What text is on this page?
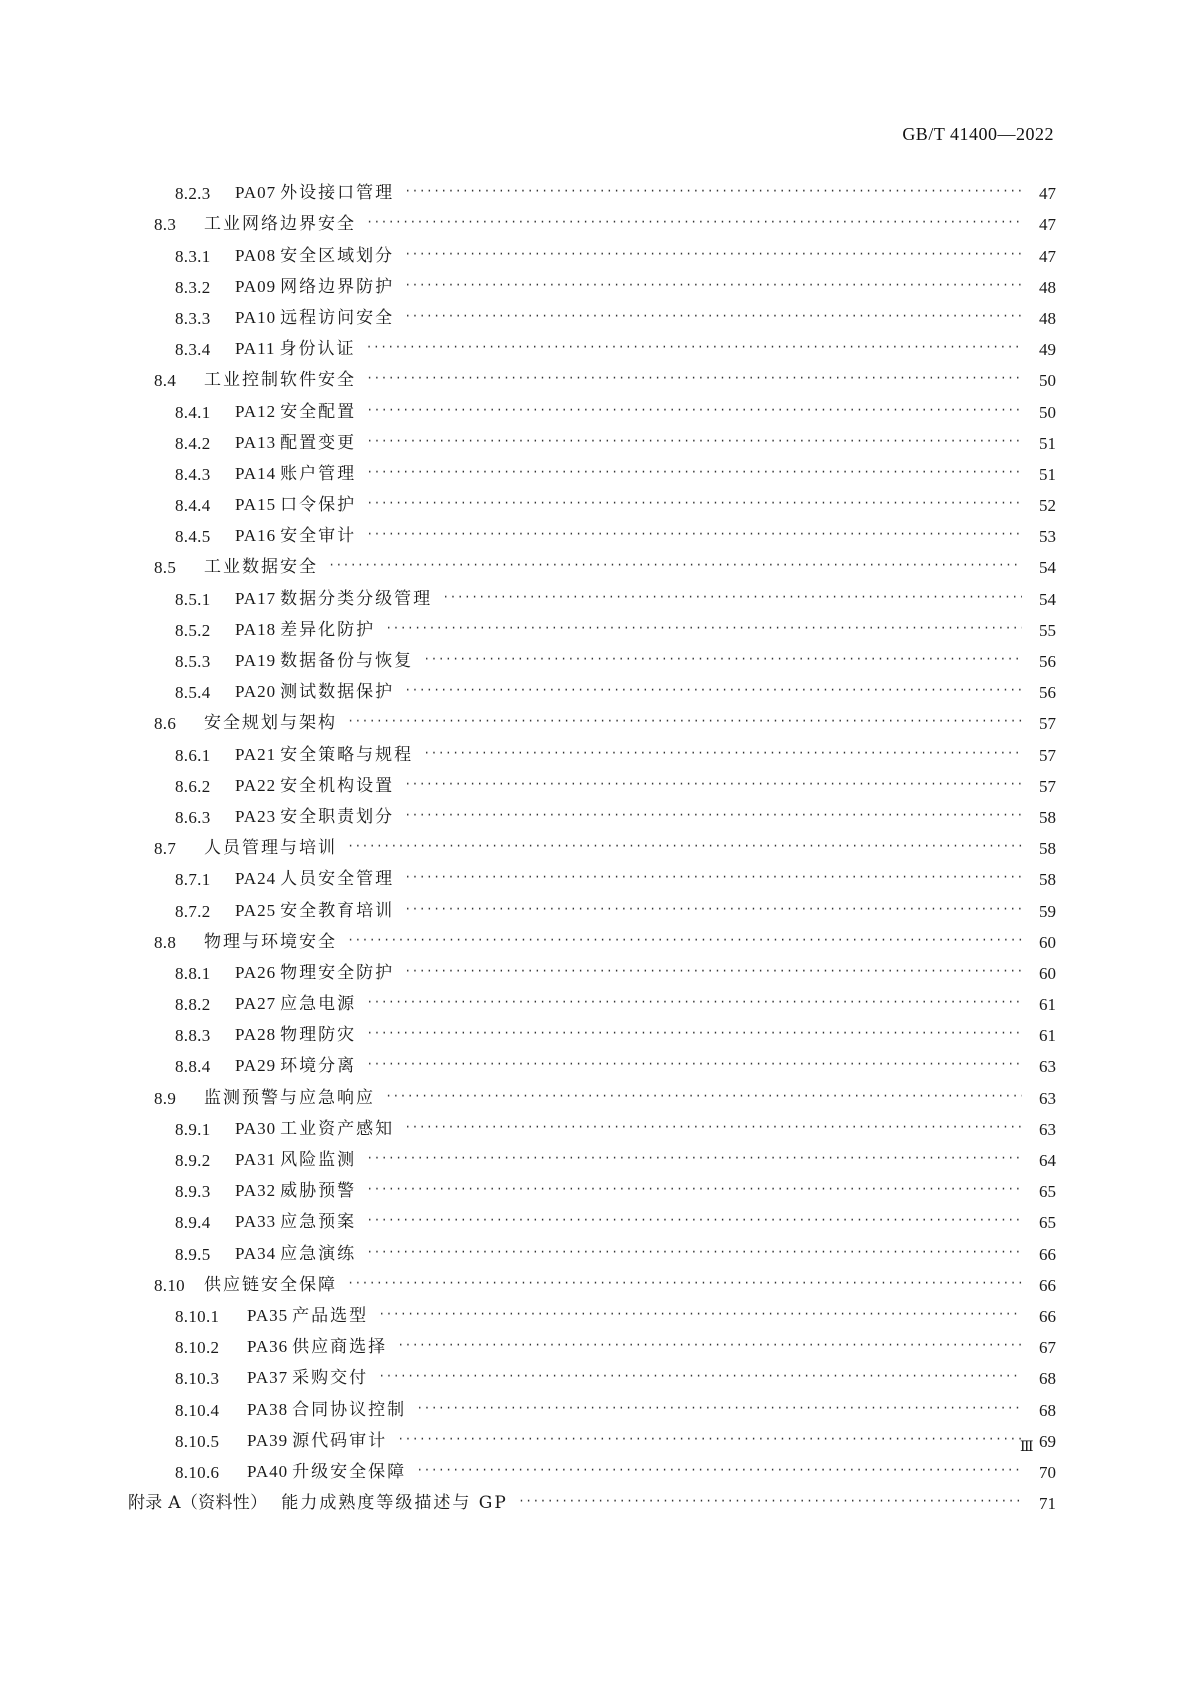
GB/T 41400—2022
8.2.3	PA07 外设接口管理 ·····	47
8.3	工业网络边界安全 ·····	47
8.3.1	PA08 安全区域划分 ·····	47
8.3.2	PA09 网络边界防护 ·····	48
8.3.3	PA10 远程访问安全 ·····	48
8.3.4	PA11 身份认证 ·····	49
8.4	工业控制软件安全 ·····	50
8.4.1	PA12 安全配置 ·····	50
8.4.2	PA13 配置变更 ·····	51
8.4.3	PA14 账户管理 ·····	51
8.4.4	PA15 口令保护 ·····	52
8.4.5	PA16 安全审计 ·····	53
8.5	工业数据安全 ·····	54
8.5.1	PA17 数据分类分级管理 ·····	54
8.5.2	PA18 差异化防护 ·····	55
8.5.3	PA19 数据备份与恢复 ·····	56
8.5.4	PA20 测试数据保护 ·····	56
8.6	安全规划与架构 ·····	57
8.6.1	PA21 安全策略与规程 ·····	57
8.6.2	PA22 安全机构设置 ·····	57
8.6.3	PA23 安全职责划分 ·····	58
8.7	人员管理与培训 ·····	58
8.7.1	PA24 人员安全管理 ·····	58
8.7.2	PA25 安全教育培训 ·····	59
8.8	物理与环境安全 ·····	60
8.8.1	PA26 物理安全防护 ·····	60
8.8.2	PA27 应急电源 ·····	61
8.8.3	PA28 物理防灾 ·····	61
8.8.4	PA29 环境分离 ·····	63
8.9	监测预警与应急响应 ·····	63
8.9.1	PA30 工业资产感知 ·····	63
8.9.2	PA31 风险监测 ·····	64
8.9.3	PA32 威胁预警 ·····	65
8.9.4	PA33 应急预案 ·····	65
8.9.5	PA34 应急演练 ·····	66
8.10	供应链安全保障 ·····	66
8.10.1	PA35 产品选型 ·····	66
8.10.2	PA36 供应商选择 ·····	67
8.10.3	PA37 采购交付 ·····	68
8.10.4	PA38 合同协议控制 ·····	68
8.10.5	PA39 源代码审计 ·····	69
8.10.6	PA40 升级安全保障 ·····	70
附录 A（资料性） 能力成熟度等级描述与 GP ·····	71
Ⅲ
